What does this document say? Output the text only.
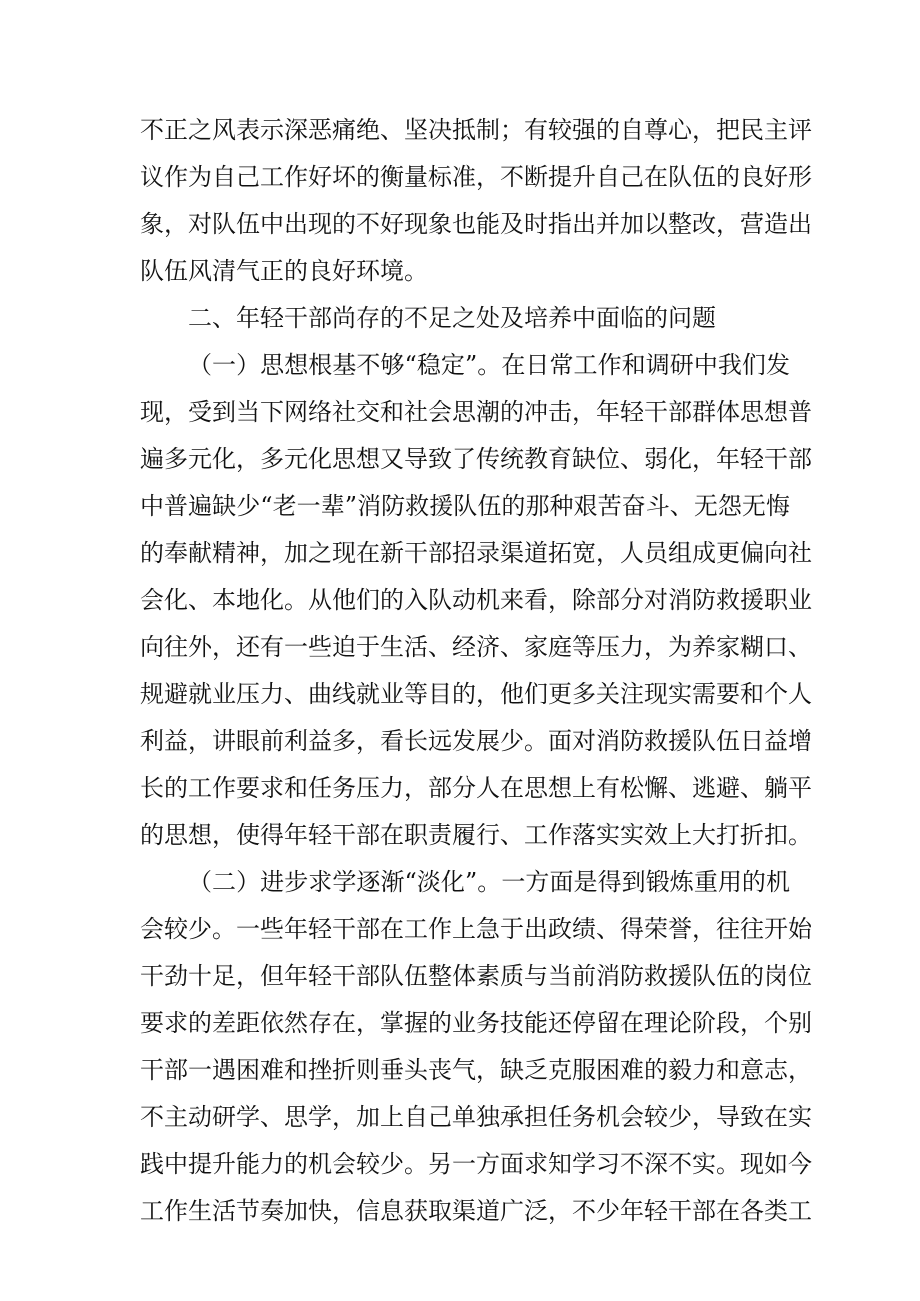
不正之风表示深恶痛绝、坚决抵制；有较强的自尊心，把民主评
议作为自己工作好坏的衡量标准，不断提升自己在队伍的良好形
象，对队伍中出现的不好现象也能及时指出并加以整改，营造出
队伍风清气正的良好环境。
二、年轻干部尚存的不足之处及培养中面临的问题
（一）思想根基不够“稳定”。在日常工作和调研中我们发
现，受到当下网络社交和社会思潮的冲击，年轻干部群体思想普
遍多元化，多元化思想又导致了传统教育缺位、弱化，年轻干部
中普遍缺少“老一辈”消防救援队伍的那种艰苦奋斗、无怨无悔
的奉献精神，加之现在新干部招录渠道拓宽，人员组成更偏向社
会化、本地化。从他们的入队动机来看，除部分对消防救援职业
向往外，还有一些迫于生活、经济、家庭等压力，为养家糊口、
规避就业压力、曲线就业等目的，他们更多关注现实需要和个人
利益，讲眼前利益多，看长远发展少。面对消防救援队伍日益增
长的工作要求和任务压力，部分人在思想上有松懈、逃避、躺平
的思想，使得年轻干部在职责履行、工作落实实效上大打折扣。
（二）进步求学逐渐“淡化”。一方面是得到锻炼重用的机
会较少。一些年轻干部在工作上急于出政绩、得荣誉，往往开始
干劲十足，但年轻干部队伍整体素质与当前消防救援队伍的岗位
要求的差距依然存在，掌握的业务技能还停留在理论阶段，个别
干部一遇困难和挫折则垂头丧气，缺乏克服困难的毅力和意志，
不主动研学、思学，加上自己单独承担任务机会较少，导致在实
践中提升能力的机会较少。另一方面求知学习不深不实。现如今
工作生活节奏加快，信息获取渠道广泛，不少年轻干部在各类工
